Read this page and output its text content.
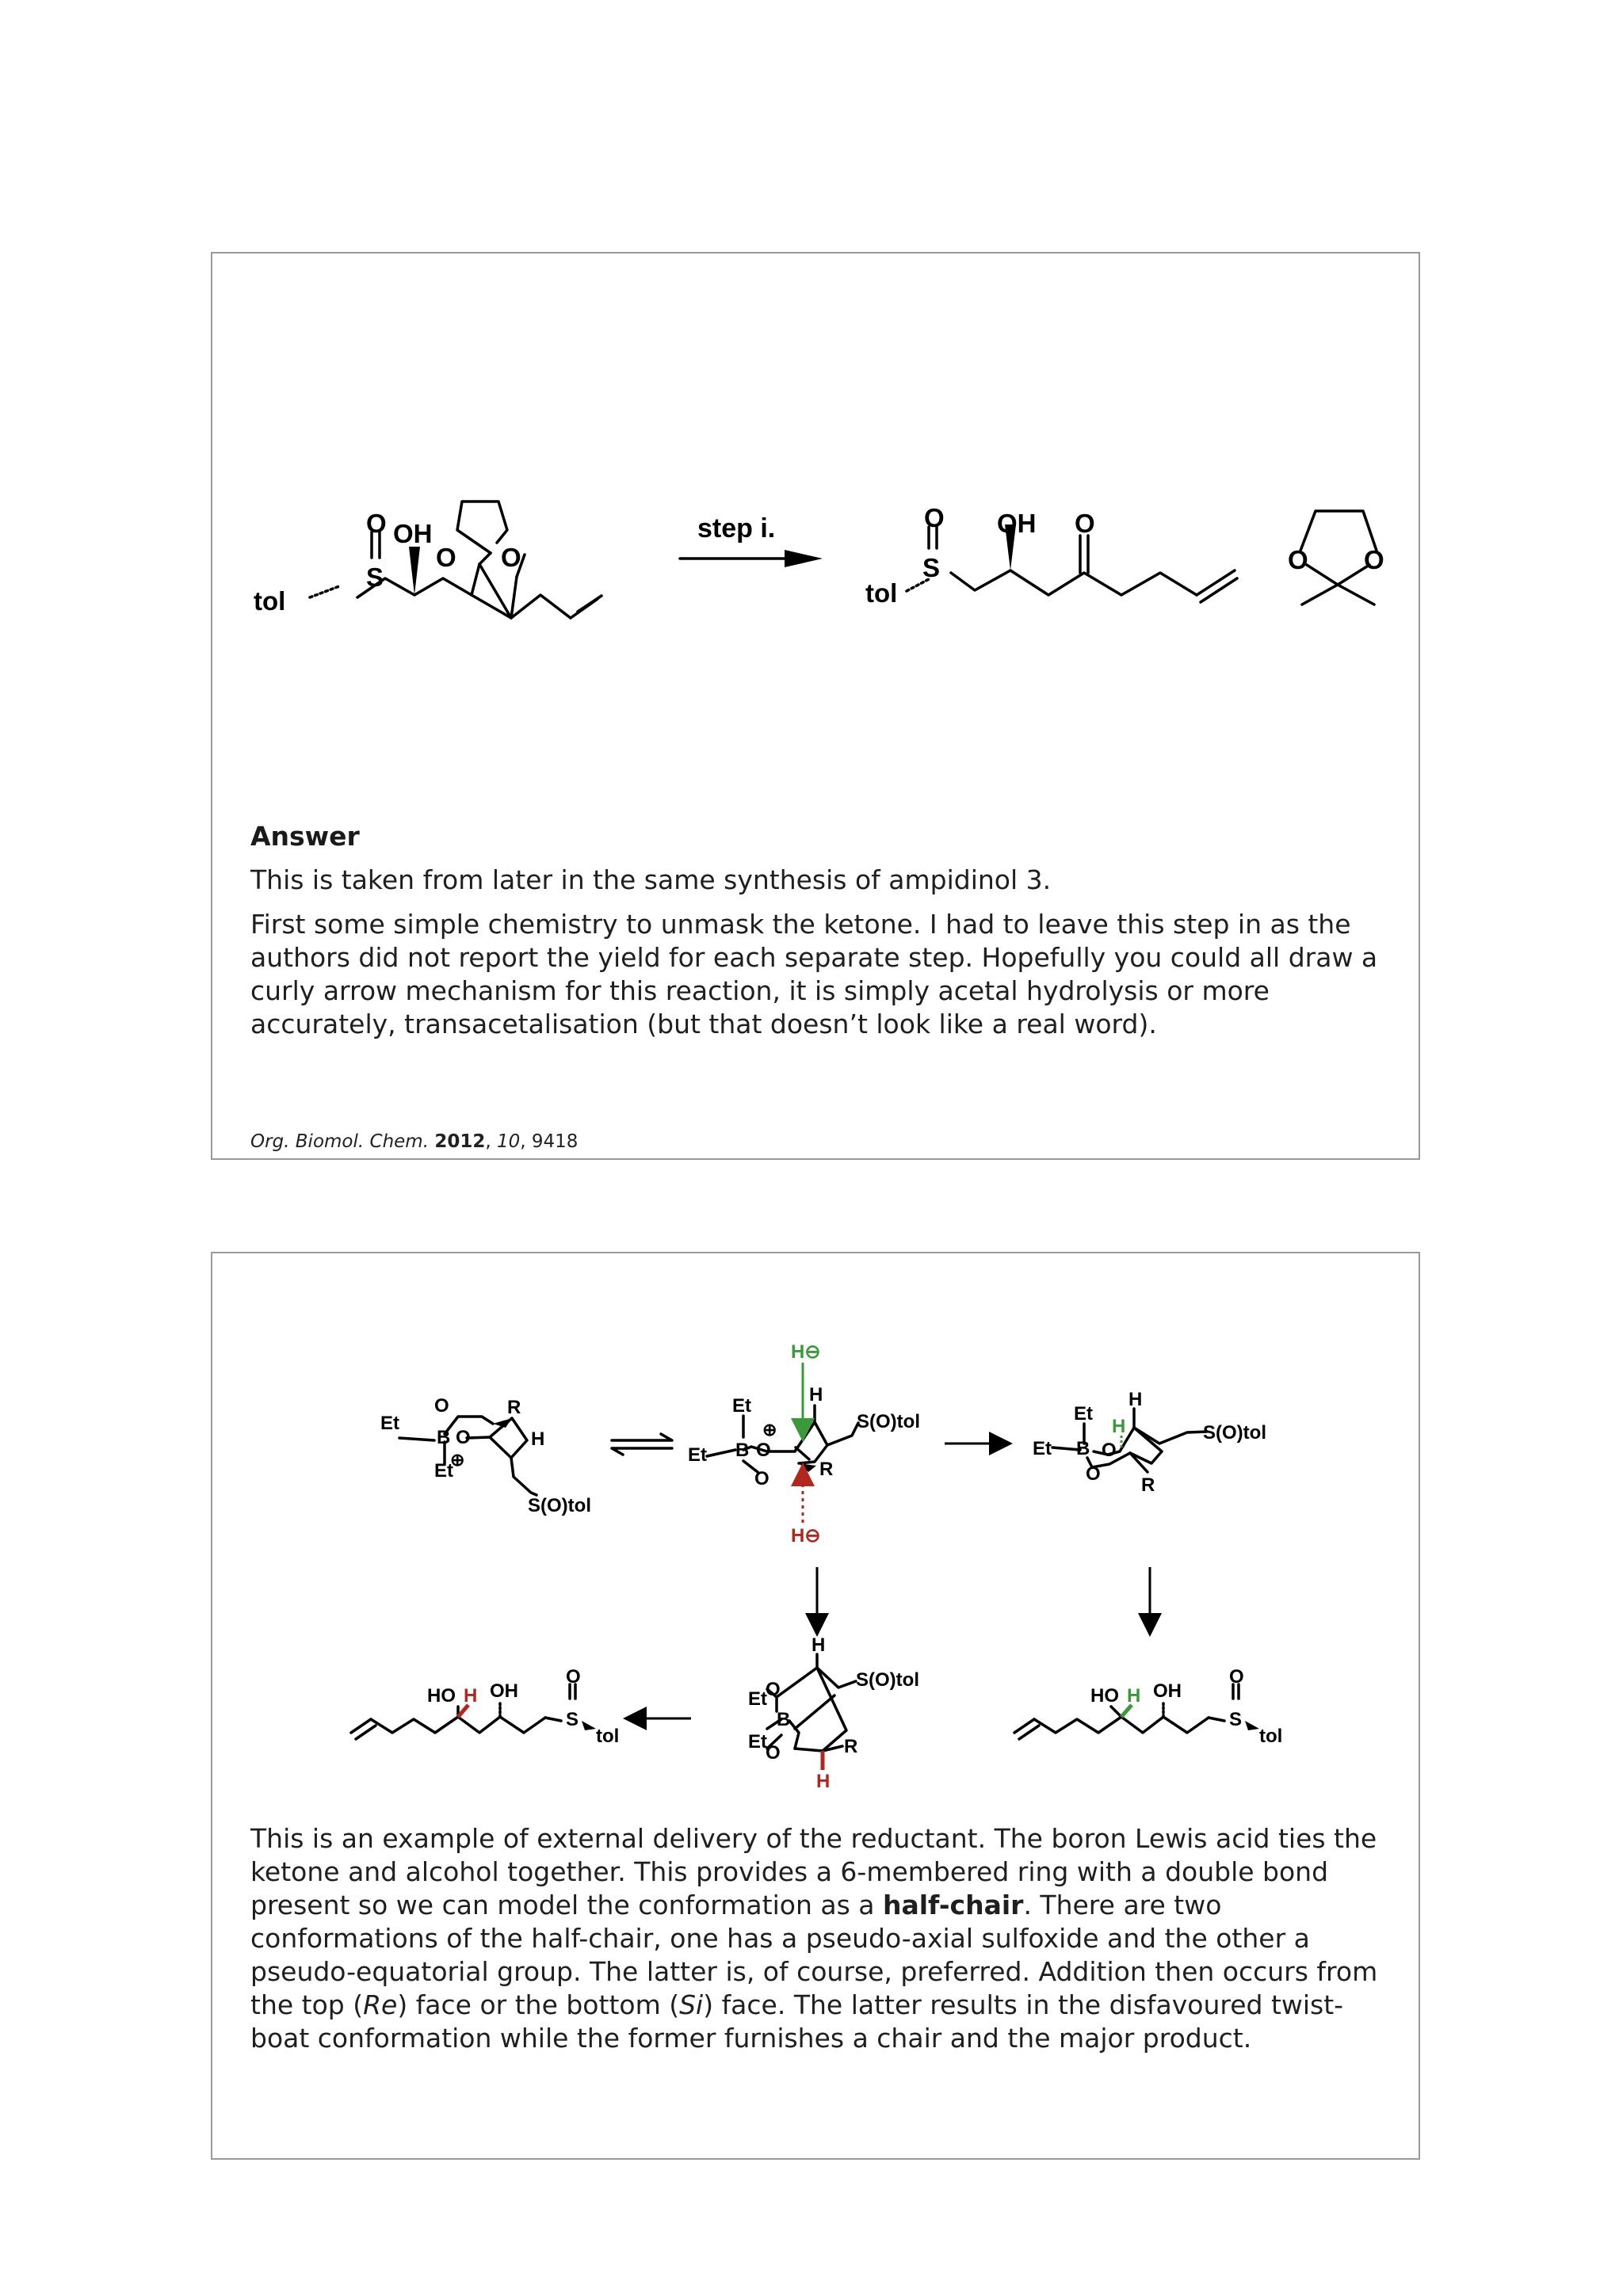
O
S
tol
OH
O O
step i.	O
S
tol
OH O
O O
Answer

This is taken from later in the same synthesis of ampidinol 3.

First some simple chemistry to unmask the ketone. I had to leave this step in as the authors did not report the yield for each separate step. Hopefully you could all draw a curly arrow mechanism for this reaction, it is simply acetal hydrolysis or more accurately, transacetalisation (but that doesn’t look like a real word).

Org. Biomol. Chem. 2012, 10, 9418

O
Et
B O
Et
⊕
R
H
S(O)tol
H⊖
H
S(O)tol
Et
⊕
Et B O
O	R
H⊖
Et
H
H	S(O)tol
Et B O
O
R
Et
O
H
S(O)tol
B
Et
O	R
H
HO H OH
O
S
tol
HO H OH
O
S
tol

This is an example of external delivery of the reductant. The boron Lewis acid ties the ketone and alcohol together. This provides a 6-membered ring with a double bond present so we can model the conformation as a half-chair. There are two conformations of the half-chair, one has a pseudo-axial sulfoxide and the other a pseudo-equatorial group. The latter is, of course, preferred. Addition then occurs from the top (Re) face or the bottom (Si) face. The latter results in the disfavoured twist-boat conformation while the former furnishes a chair and the major product.
